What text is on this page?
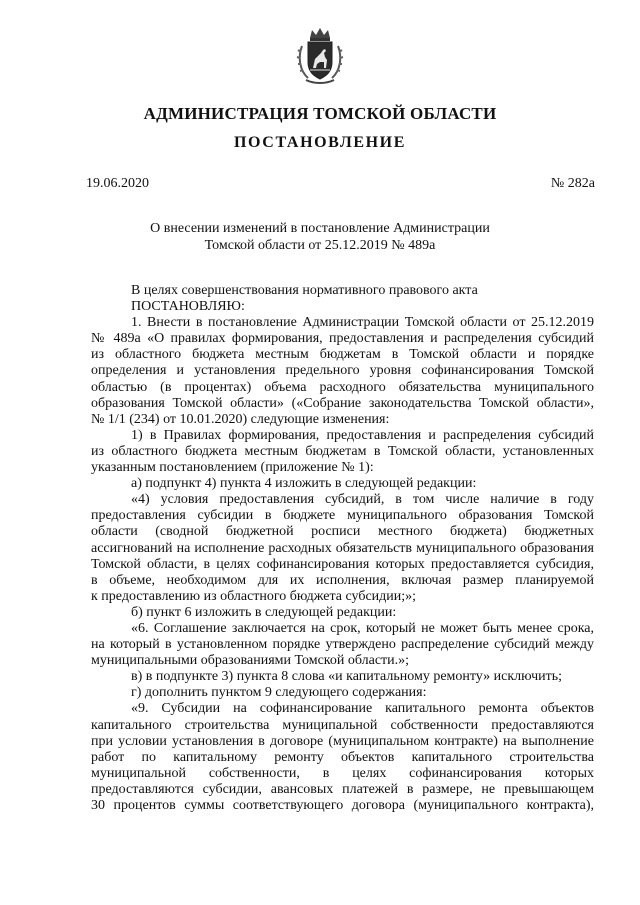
АДМИНИСТРАЦИЯ ТОМСКОЙ ОБЛАСТИ
ПОСТАНОВЛЕНИЕ
19.06.2020	№ 282а
О внесении изменений в постановление Администрации
Томской области от 25.12.2019 № 489а
В целях совершенствования нормативного правового акта
ПОСТАНОВЛЯЮ:
1. Внести в постановление Администрации Томской области от 25.12.2019
№ 489а «О правилах формирования, предоставления и распределения субсидий
из областного бюджета местным бюджетам в Томской области и порядке
определения и установления предельного уровня софинансирования Томской
областью (в процентах) объема расходного обязательства муниципального
образования Томской области» («Собрание законодательства Томской области»,
№ 1/1 (234) от 10.01.2020) следующие изменения:
1) в Правилах формирования, предоставления и распределения субсидий
из областного бюджета местным бюджетам в Томской области, установленных
указанным постановлением (приложение № 1):
а) подпункт 4) пункта 4 изложить в следующей редакции:
«4) условия предоставления субсидий, в том числе наличие в году
предоставления субсидии в бюджете муниципального образования Томской
области (сводной бюджетной росписи местного бюджета) бюджетных
ассигнований на исполнение расходных обязательств муниципального образования
Томской области, в целях софинансирования которых предоставляется субсидия,
в объеме, необходимом для их исполнения, включая размер планируемой
к предоставлению из областного бюджета субсидии;»;
б) пункт 6 изложить в следующей редакции:
«6. Соглашение заключается на срок, который не может быть менее срока,
на который в установленном порядке утверждено распределение субсидий между
муниципальными образованиями Томской области.»;
в) в подпункте 3) пункта 8 слова «и капитальному ремонту» исключить;
г) дополнить пунктом 9 следующего содержания:
«9. Субсидии на софинансирование капитального ремонта объектов
капитального строительства муниципальной собственности предоставляются
при условии установления в договоре (муниципальном контракте) на выполнение
работ по капитальному ремонту объектов капитального строительства
муниципальной собственности, в целях софинансирования которых
предоставляются субсидии, авансовых платежей в размере, не превышающем
30 процентов суммы соответствующего договора (муниципального контракта),
